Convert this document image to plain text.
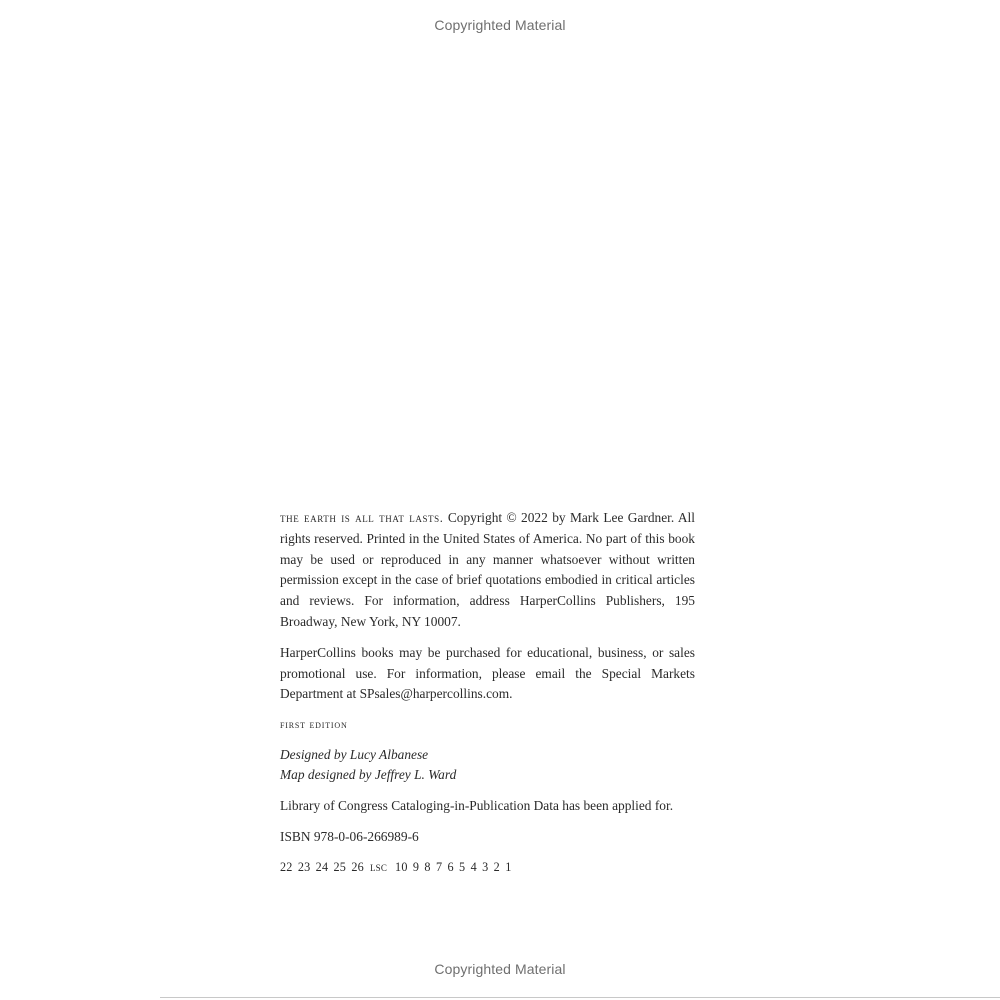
Copyrighted Material

the earth is all that lasts. Copyright © 2022 by Mark Lee Gardner. All rights reserved. Printed in the United States of America. No part of this book may be used or reproduced in any manner whatsoever without written permission except in the case of brief quotations embodied in critical articles and reviews. For information, address HarperCollins Publishers, 195 Broadway, New York, NY 10007.

HarperCollins books may be purchased for educational, business, or sales promotional use. For information, please email the Special Markets Department at SPsales@harpercollins.com.

first edition
Designed by Lucy Albanese
Map designed by Jeffrey L. Ward
Library of Congress Cataloging-in-Publication Data has been applied for.
ISBN 978-0-06-266989-6
22 23 24 25 26 lsc 10 9 8 7 6 5 4 3 2 1
Copyrighted Material
